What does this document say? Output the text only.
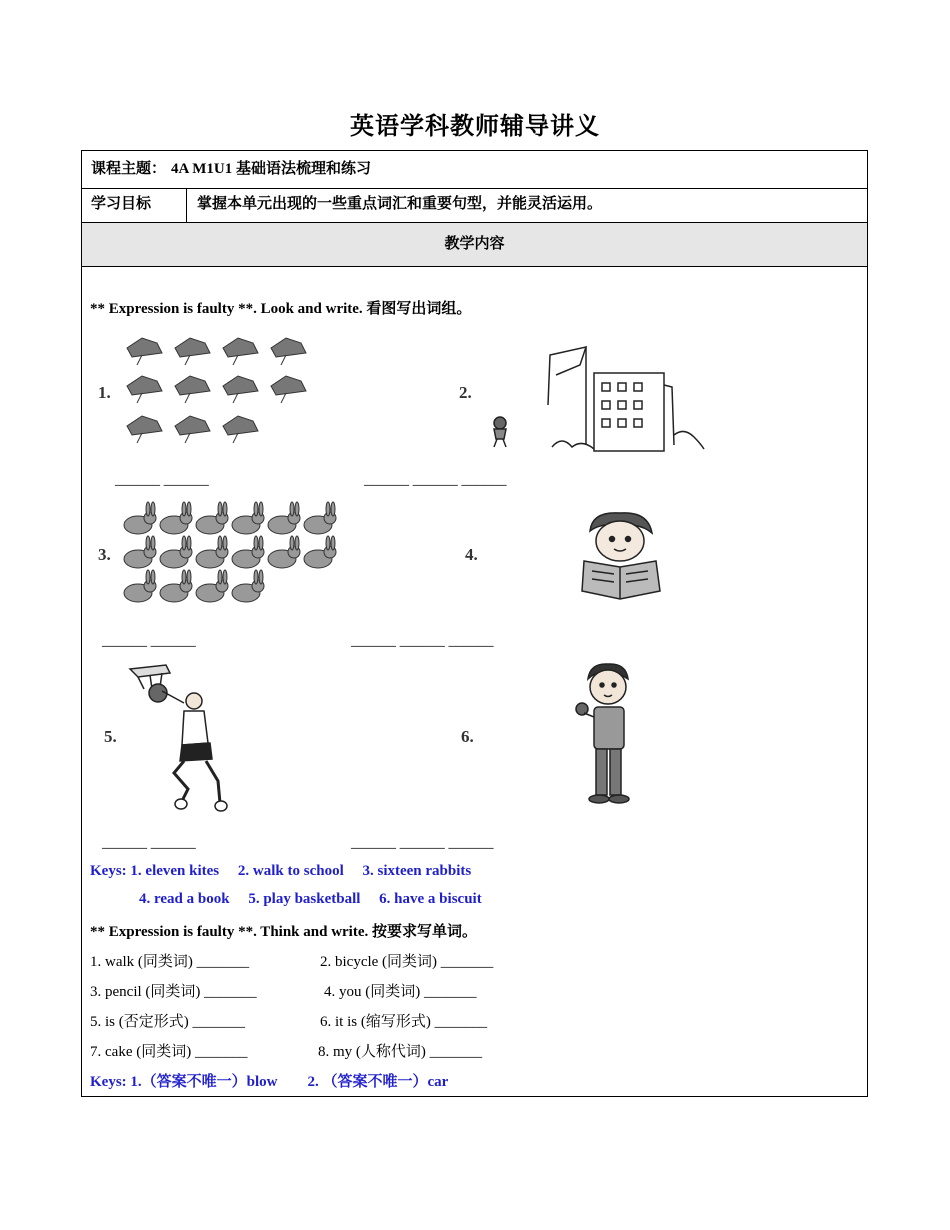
英语学科教师辅导讲义
课程主题： 4A M1U1 基础语法梳理和练习
学习目标	掌握本单元出现的一些重点词汇和重要句型，并能灵活运用。
教学内容
** Expression is faulty **. Look and write. 看图写出词组。
1.
______ ______
2.
______ ______ ______
3.
______ ______
4.
______ ______ ______
5.
______ ______
6.
______ ______ ______
Keys: 1. eleven kites     2. walk to school     3. sixteen rabbits
4. read a book     5. play basketball     6. have a biscuit
** Expression is faulty **. Think and write. 按要求写单词。
1. walk (同类词) _______	2. bicycle (同类词) _______
3. pencil (同类词) _______	4. you (同类词) _______
5. is (否定形式) _______	6. it is (缩写形式) _______
7. cake (同类词) _______	8. my (人称代词) _______
Keys: 1.（答案不唯一）blow        2. （答案不唯一）car
